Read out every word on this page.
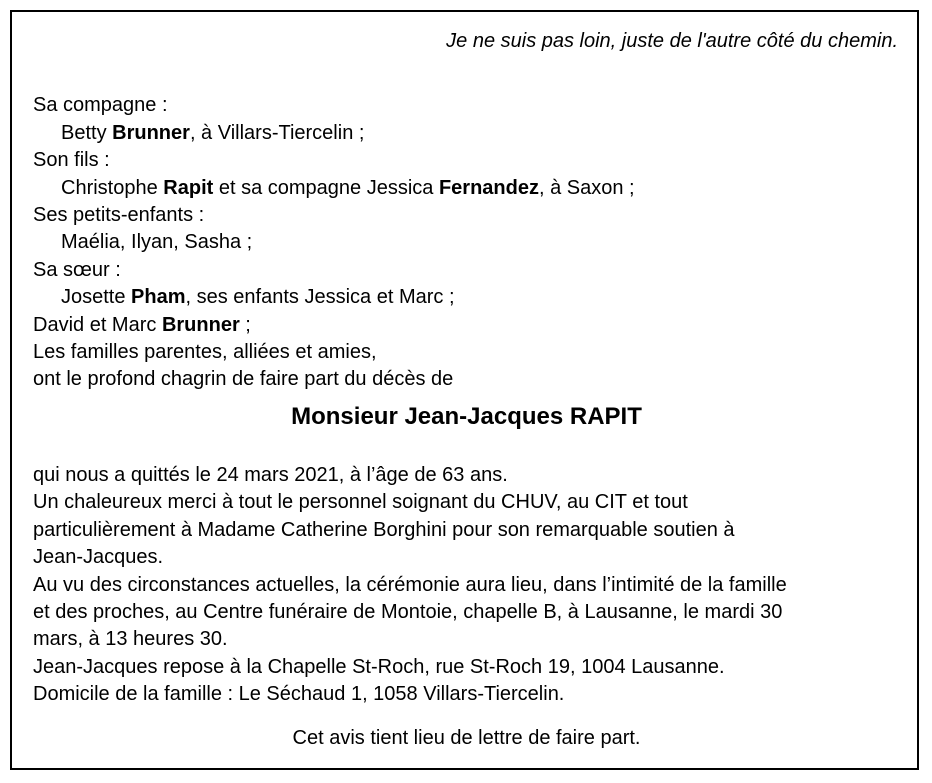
Je ne suis pas loin, juste de l'autre côté du chemin.
Sa compagne :
Betty Brunner, à Villars-Tiercelin ;
Son fils :
Christophe Rapit et sa compagne Jessica Fernandez, à Saxon ;
Ses petits-enfants :
Maélia, Ilyan, Sasha ;
Sa sœur :
Josette Pham, ses enfants Jessica et Marc ;
David et Marc Brunner ;
Les familles parentes, alliées et amies,
ont le profond chagrin de faire part du décès de
Monsieur Jean-Jacques RAPIT
qui nous a quittés le 24 mars 2021, à l’âge de 63 ans.
Un chaleureux merci à tout le personnel soignant du CHUV, au CIT et tout
particulièrement à Madame Catherine Borghini pour son remarquable soutien à
Jean-Jacques.
Au vu des circonstances actuelles, la cérémonie aura lieu, dans l’intimité de la famille
et des proches, au Centre funéraire de Montoie, chapelle B, à Lausanne, le mardi 30
mars, à 13 heures 30.
Jean-Jacques repose à la Chapelle St-Roch, rue St-Roch 19, 1004 Lausanne.
Domicile de la famille : Le Séchaud 1, 1058 Villars-Tiercelin.
Cet avis tient lieu de lettre de faire part.
